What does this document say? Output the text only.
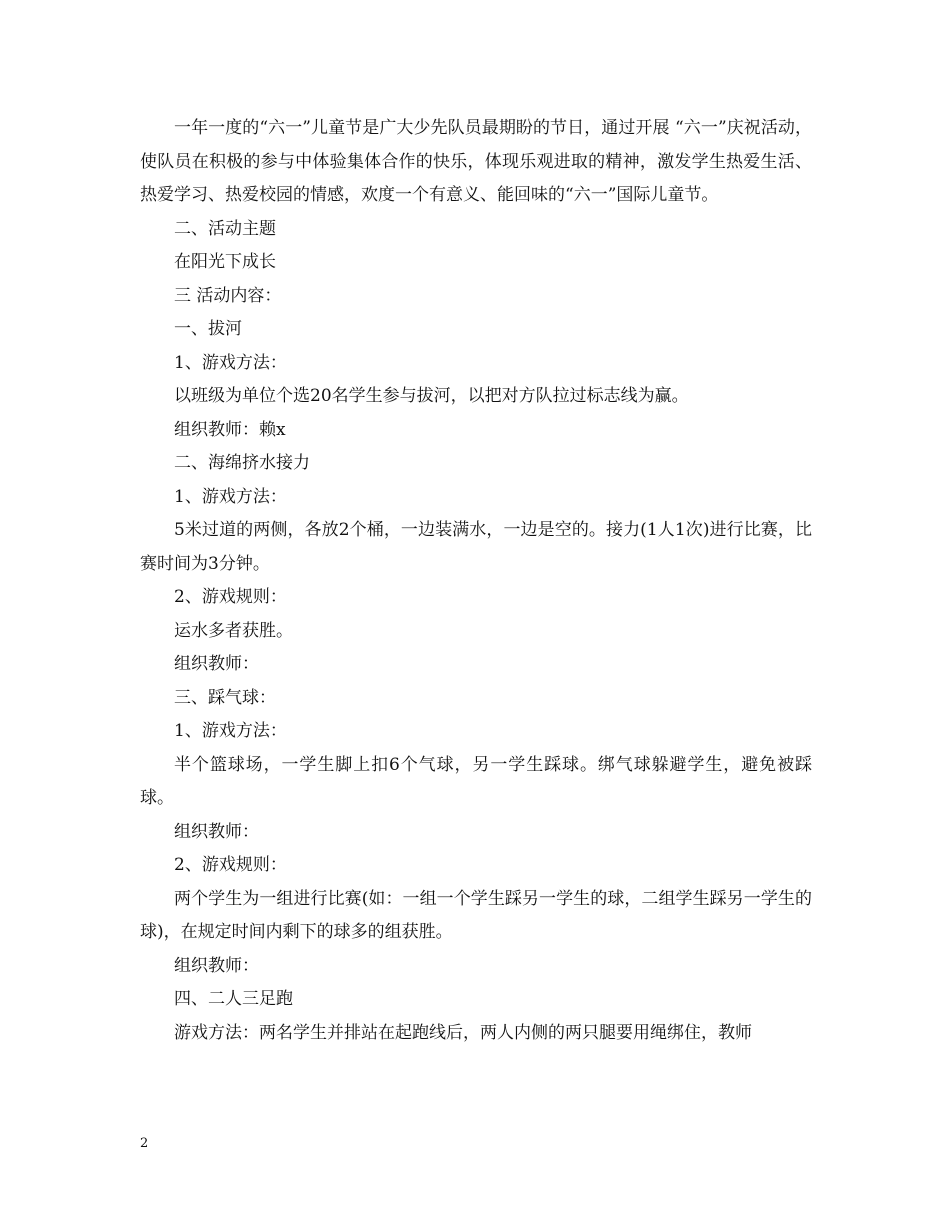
一年一度的“六一”儿童节是广大少先队员最期盼的节日，通过开展 “六一”庆祝活动，使队员在积极的参与中体验集体合作的快乐，体现乐观进取的精神，激发学生热爱生活、热爱学习、热爱校园的情感，欢度一个有意义、能回味的“六一”国际儿童节。

二、活动主题

在阳光下成长

三 活动内容：

一、拔河

1、游戏方法：

以班级为单位个选20名学生参与拔河，以把对方队拉过标志线为赢。

组织教师：赖x

二、海绵挤水接力

1、游戏方法：

5米过道的两侧，各放2个桶，一边装满水，一边是空的。接力(1人1次)进行比赛，比赛时间为3分钟。

2、游戏规则：

运水多者获胜。

组织教师：

三、踩气球：

1、游戏方法：

半个篮球场，一学生脚上扣6个气球，另一学生踩球。绑气球躲避学生，避免被踩球。

组织教师：

2、游戏规则：

两个学生为一组进行比赛(如：一组一个学生踩另一学生的球，二组学生踩另一学生的球)，在规定时间内剩下的球多的组获胜。

组织教师：

四、二人三足跑

游戏方法：两名学生并排站在起跑线后，两人内侧的两只腿要用绳绑住，教师

2
